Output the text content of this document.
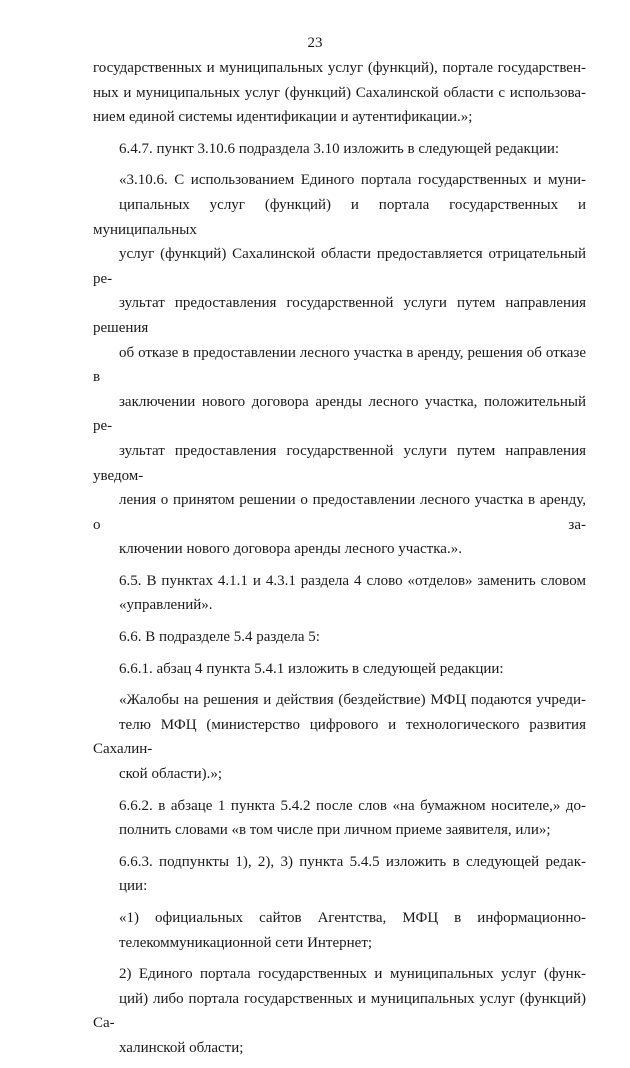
23

государственных и муниципальных услуг (функций), портале государствен-
ных и муниципальных услуг (функций) Сахалинской области с использова-
нием единой системы идентификации и аутентификации.»;

6.4.7. пункт 3.10.6 подраздела 3.10 изложить в следующей редакции:

«3.10.6. С использованием Единого портала государственных и муни-
ципальных услуг (функций) и портала государственных и муниципальных
услуг (функций) Сахалинской области предоставляется отрицательный ре-
зультат предоставления государственной услуги путем направления решения
об отказе в предоставлении лесного участка в аренду, решения об отказе в
заключении нового договора аренды лесного участка, положительный ре-
зультат предоставления государственной услуги путем направления уведом-
ления о принятом решении о предоставлении лесного участка в аренду, о за-
ключении нового договора аренды лесного участка.».

6.5. В пунктах 4.1.1 и 4.3.1 раздела 4 слово «отделов» заменить словом
«управлений».

6.6. В подразделе 5.4 раздела 5:

6.6.1. абзац 4 пункта 5.4.1 изложить в следующей редакции:

«Жалобы на решения и действия (бездействие) МФЦ подаются учреди-
телю МФЦ (министерство цифрового и технологического развития Сахалин-
ской области).»;

6.6.2. в абзаце 1 пункта 5.4.2 после слов «на бумажном носителе,» до-
полнить словами «в том числе при личном приеме заявителя, или»;

6.6.3. подпункты 1), 2), 3) пункта 5.4.5 изложить в следующей редак-
ции:

«1) официальных сайтов Агентства, МФЦ в информационно-
телекоммуникационной сети Интернет;

2) Единого портала государственных и муниципальных услуг (функ-
ций) либо портала государственных и муниципальных услуг (функций) Са-
халинской области;
